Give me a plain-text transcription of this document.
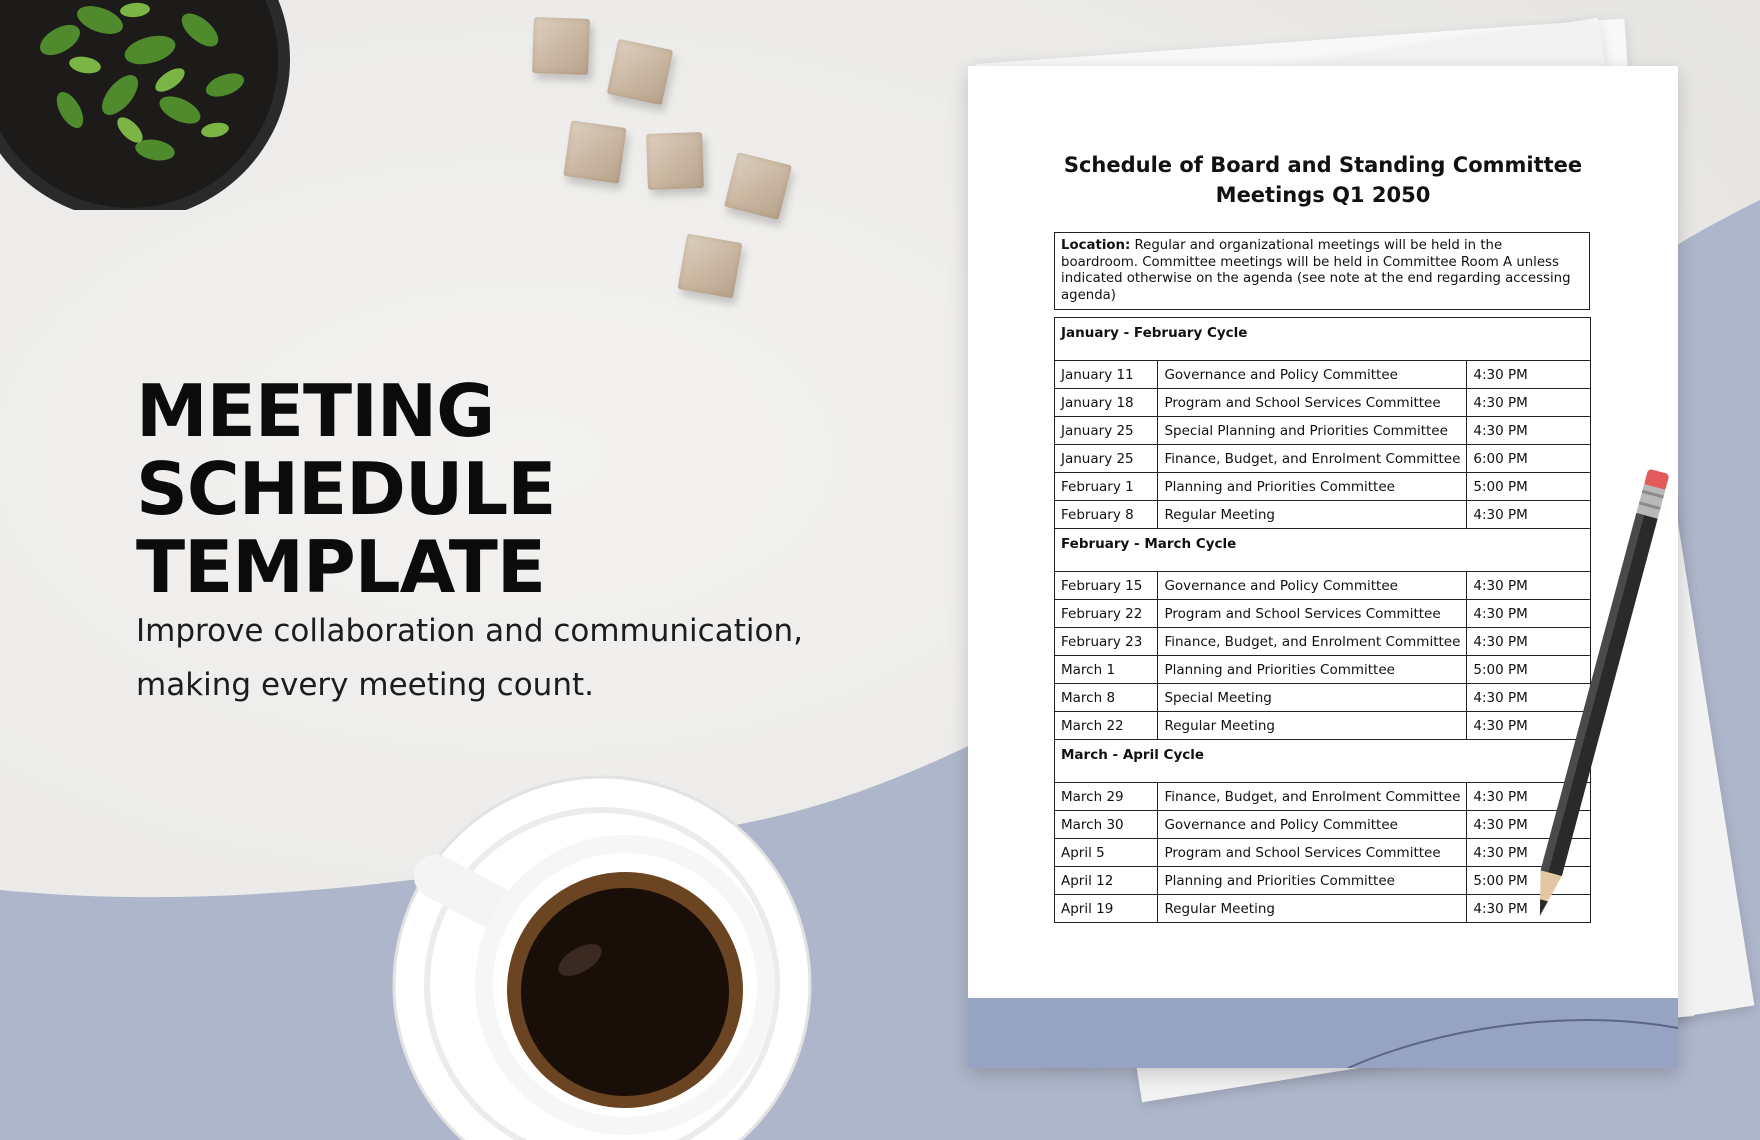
MEETING
SCHEDULE
TEMPLATE

Improve collaboration and communication, making every meeting count.

Schedule of Board and Standing Committee Meetings Q1 2050
Location: Regular and organizational meetings will be held in the boardroom. Committee meetings will be held in Committee Room A unless indicated otherwise on the agenda (see note at the end regarding accessing agenda)
January - February Cycle		
January 11	Governance and Policy Committee	4:30 PM
January 18	Program and School Services Committee	4:30 PM
January 25	Special Planning and Priorities Committee	4:30 PM
January 25	Finance, Budget, and Enrolment Committee	6:00 PM
February 1	Planning and Priorities Committee	5:00 PM
February 8	Regular Meeting	4:30 PM
February - March Cycle		
February 15	Governance and Policy Committee	4:30 PM
February 22	Program and School Services Committee	4:30 PM
February 23	Finance, Budget, and Enrolment Committee	4:30 PM
March 1	Planning and Priorities Committee	5:00 PM
March 8	Special Meeting	4:30 PM
March 22	Regular Meeting	4:30 PM
March - April Cycle		
March 29	Finance, Budget, and Enrolment Committee	4:30 PM
March 30	Governance and Policy Committee	4:30 PM
April 5	Program and School Services Committee	4:30 PM
April 12	Planning and Priorities Committee	5:00 PM
April 19	Regular Meeting	4:30 PM
